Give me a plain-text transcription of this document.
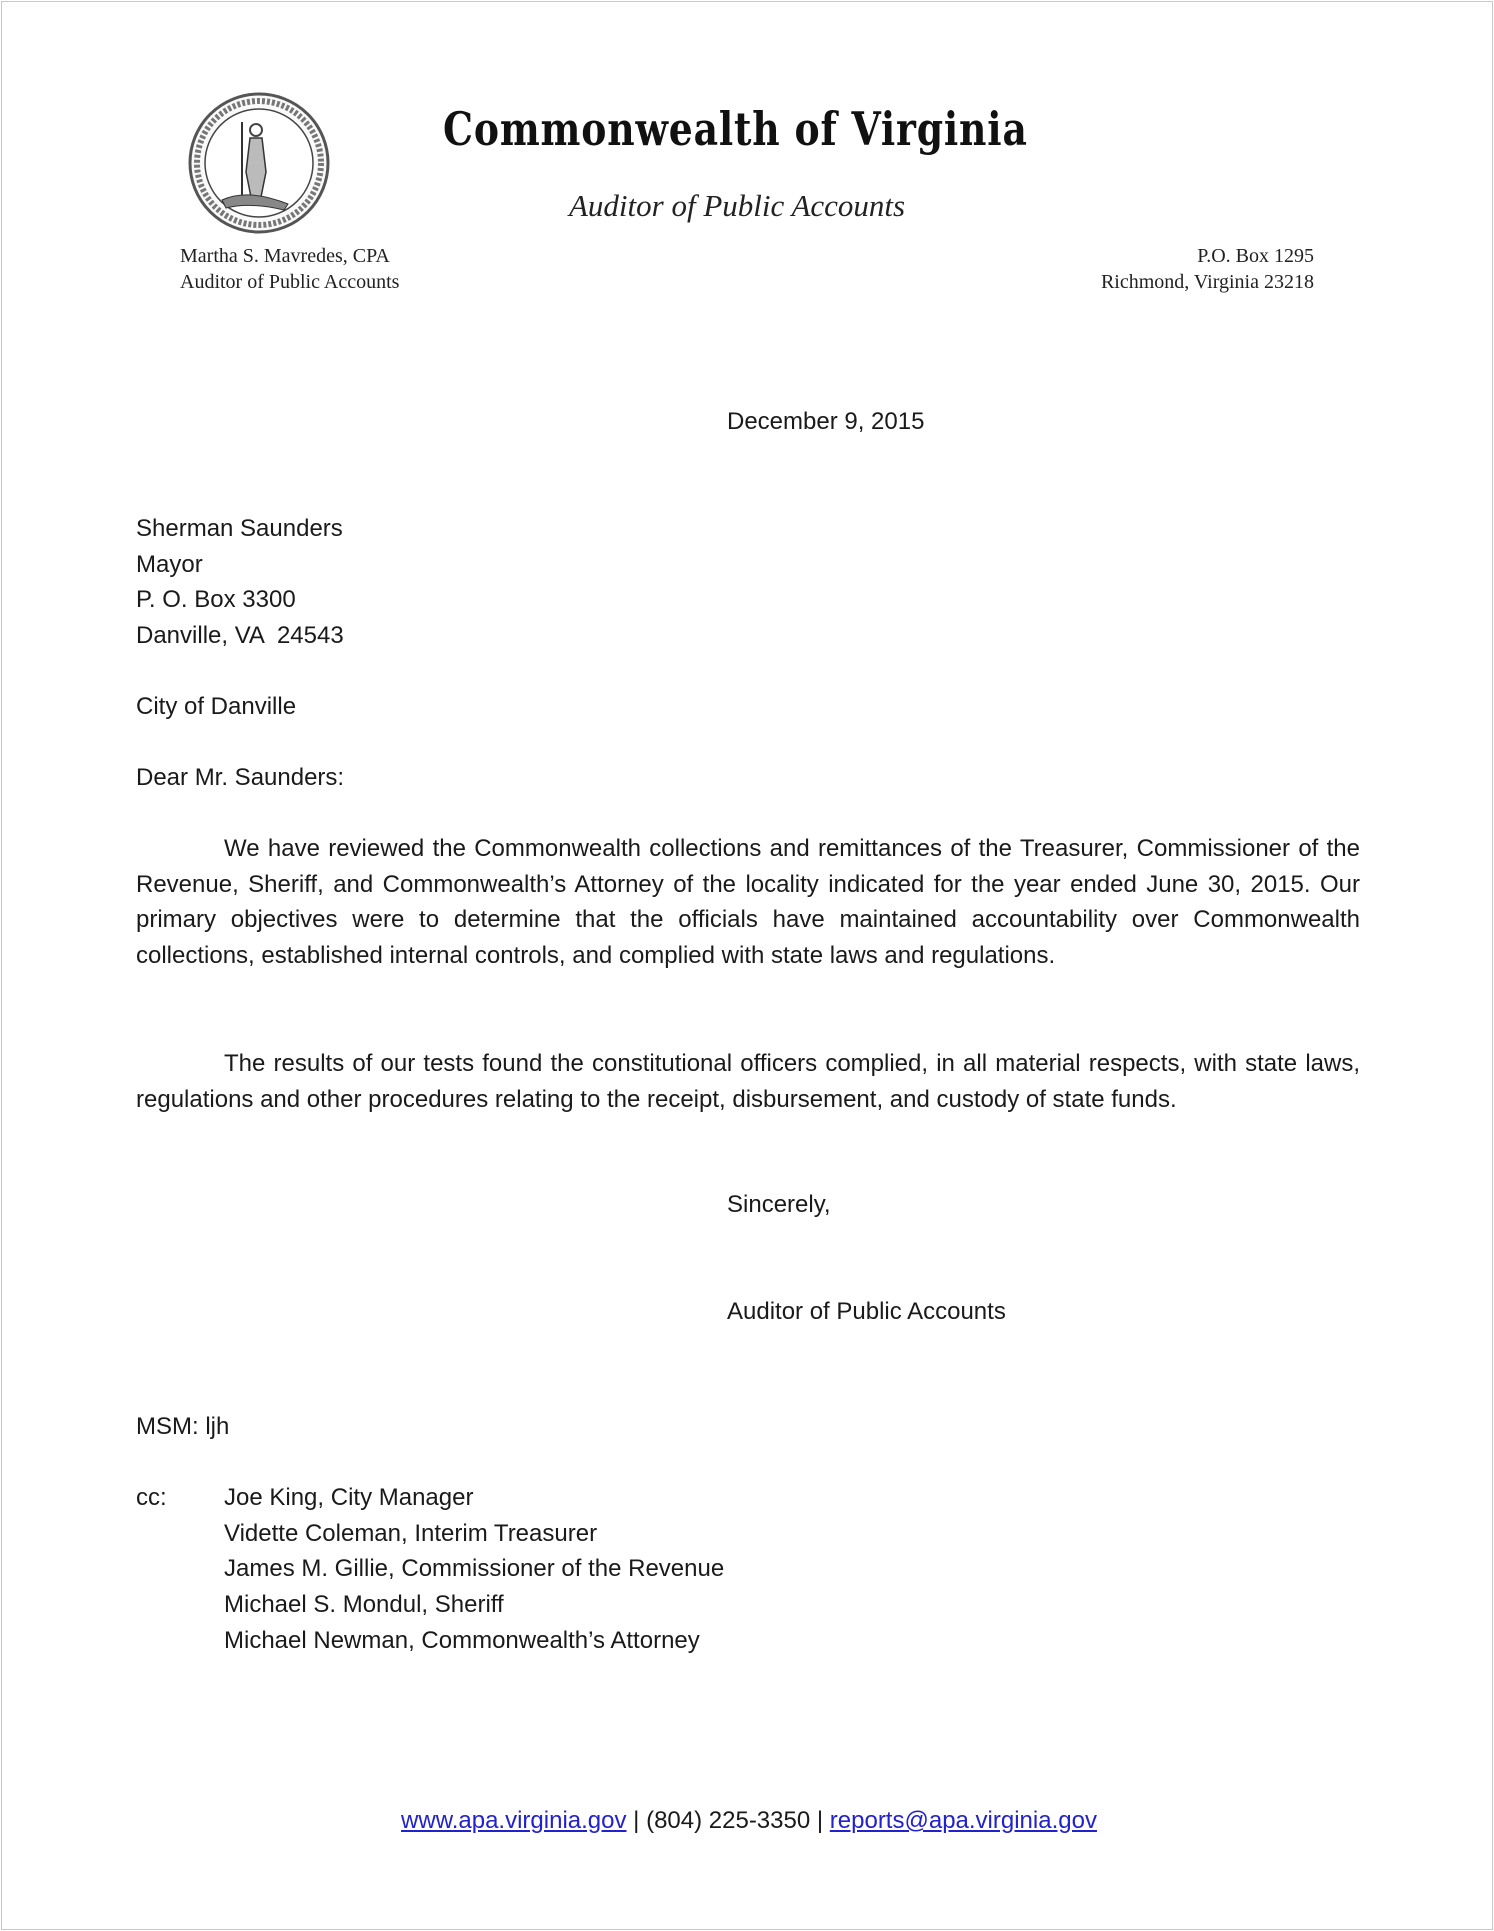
Commonwealth of Virginia
Auditor of Public Accounts
Martha S. Mavredes, CPA
Auditor of Public Accounts
P.O. Box 1295
Richmond, Virginia 23218
December 9, 2015
Sherman Saunders
Mayor
P. O. Box 3300
Danville, VA  24543
City of Danville
Dear Mr. Saunders:
We have reviewed the Commonwealth collections and remittances of the Treasurer, Commissioner of the Revenue, Sheriff, and Commonwealth’s Attorney of the locality indicated for the year ended June 30, 2015. Our primary objectives were to determine that the officials have maintained accountability over Commonwealth collections, established internal controls, and complied with state laws and regulations.
The results of our tests found the constitutional officers complied, in all material respects, with state laws, regulations and other procedures relating to the receipt, disbursement, and custody of state funds.
Sincerely,
Auditor of Public Accounts
MSM: ljh
cc: Joe King, City Manager
Vidette Coleman, Interim Treasurer
James M. Gillie, Commissioner of the Revenue
Michael S. Mondul, Sheriff
Michael Newman, Commonwealth’s Attorney
www.apa.virginia.gov | (804) 225-3350 | reports@apa.virginia.gov
